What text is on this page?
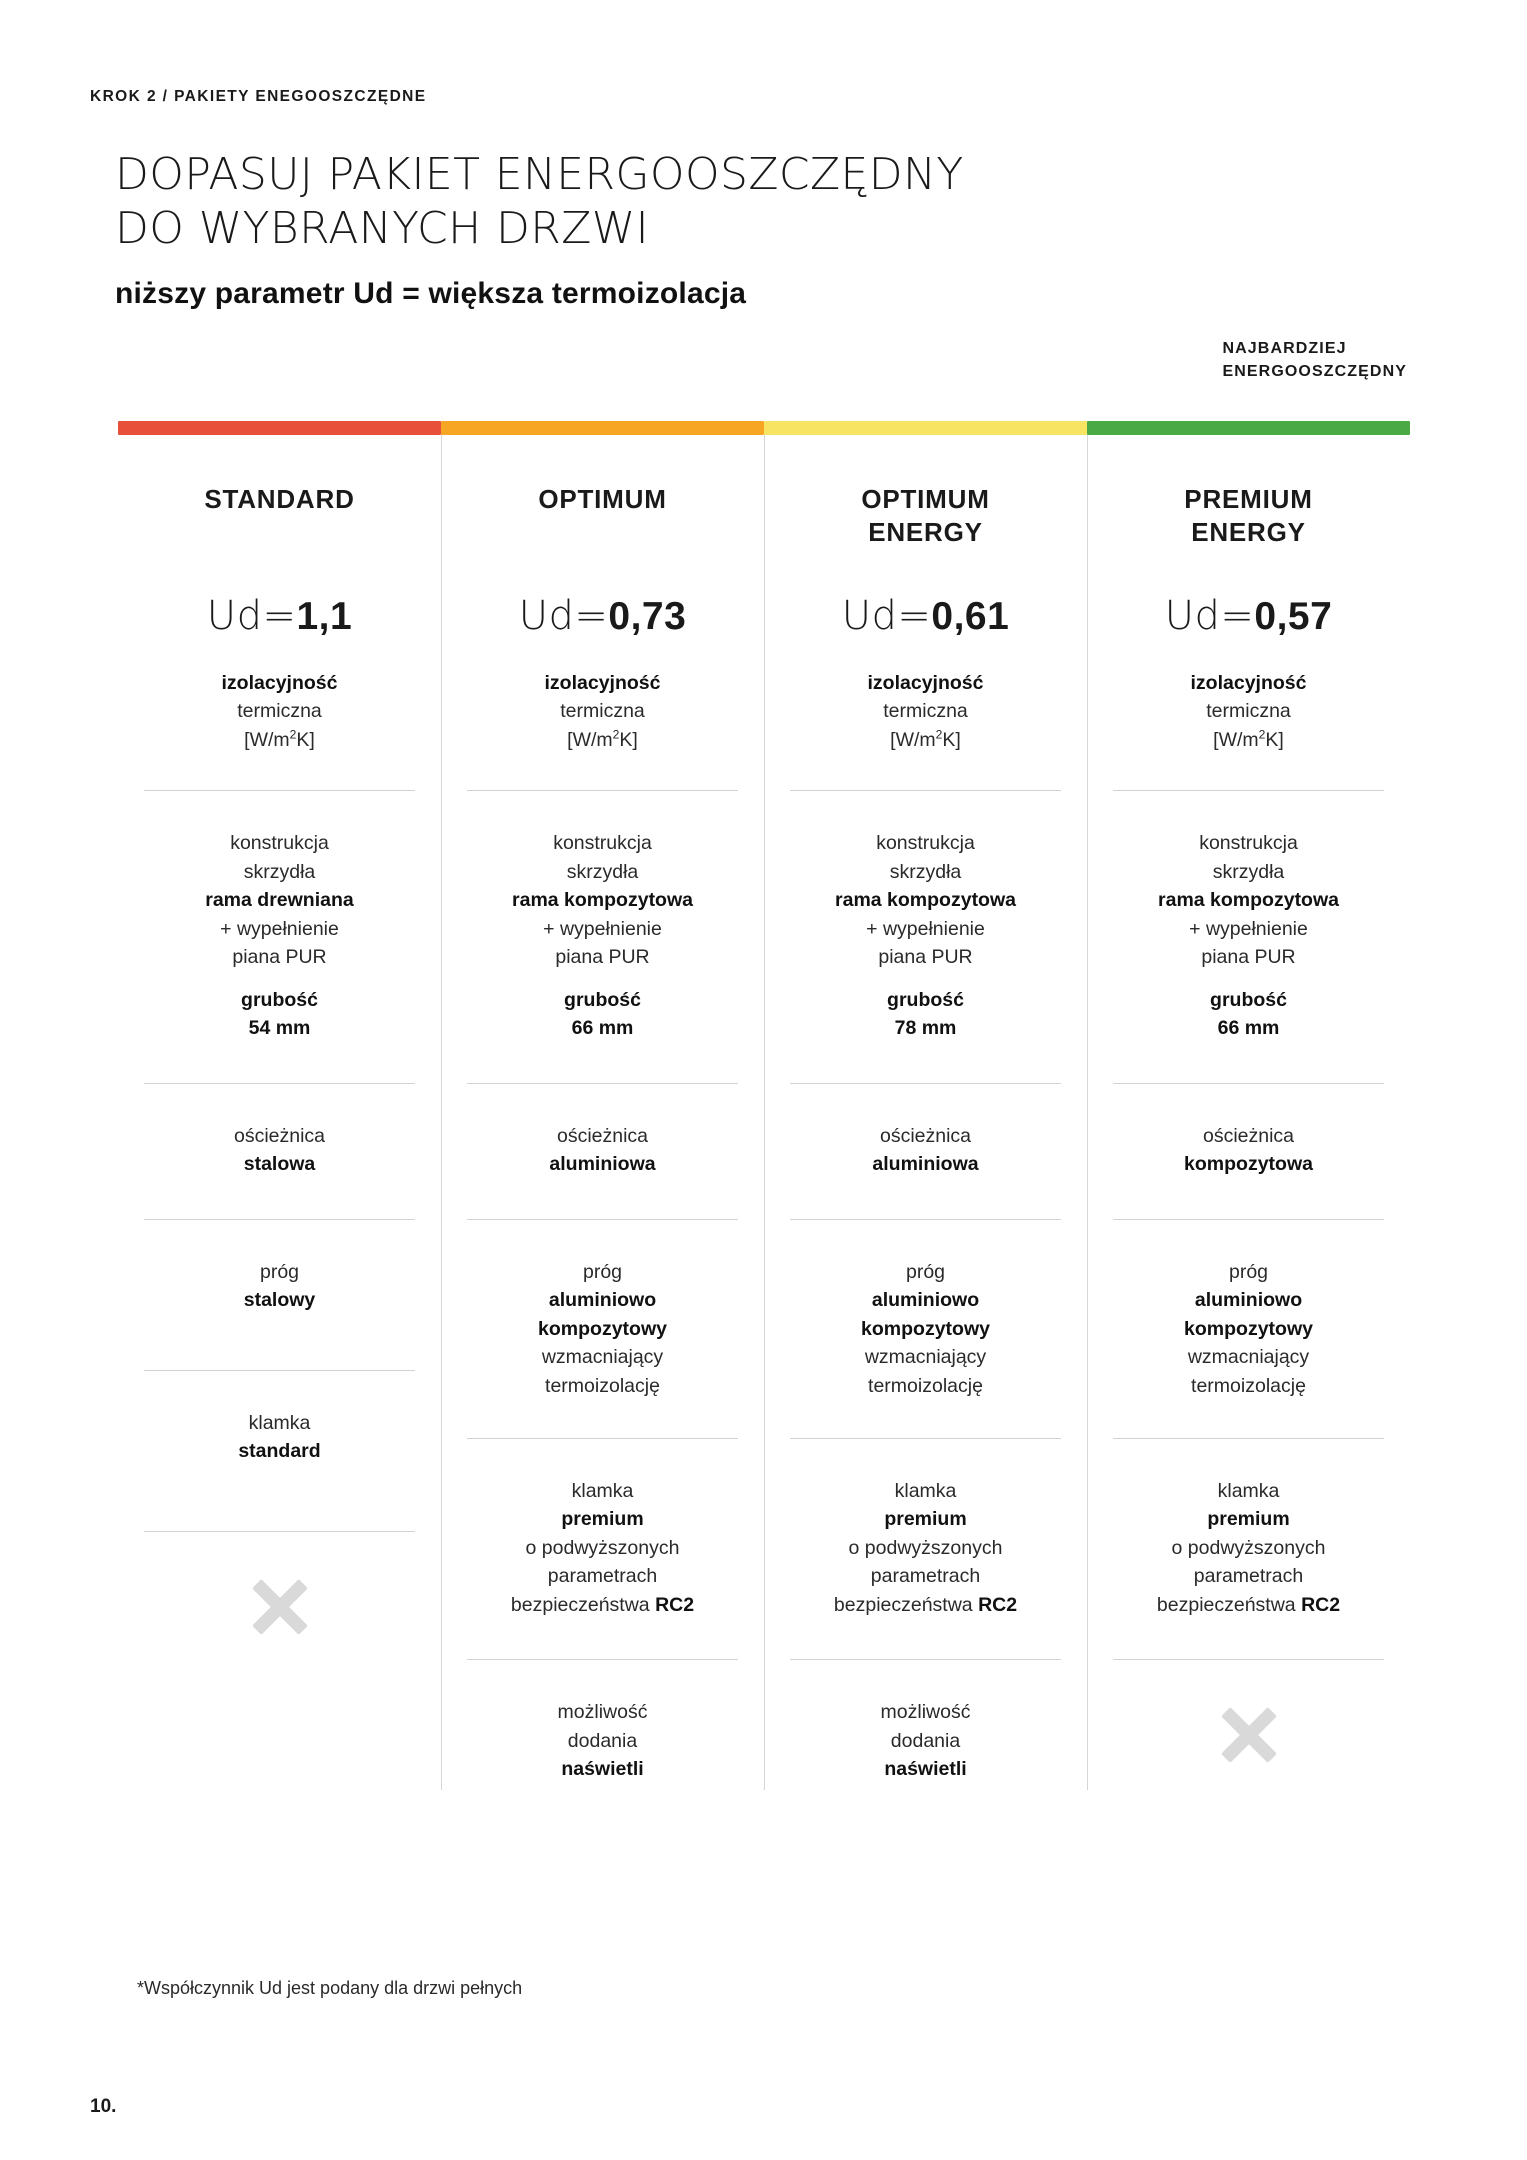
KROK 2 / PAKIETY ENEGOOSZCZĘDNE
DOPASUJ PAKIET ENERGOOSZCZĘDNY
DO WYBRANYCH DRZWI
niższy parametr Ud = większa termoizolacja
NAJBARDZIEJ
ENERGOOSZCZĘDNY
STANDARD
Ud=1,1
izolacyjność
termiczna
$[W/m^2K]$
konstrukcja
skrzydła
rama drewniana
+ wypełnienie
piana PUR
grubość
54 mm
ościeżnica
stalowa
próg
stalowy
klamka
standard
OPTIMUM
Ud=0,73
izolacyjność
termiczna
$[W/m^2K]$
konstrukcja
skrzydła
rama kompozytowa
+ wypełnienie
piana PUR
grubość
66 mm
ościeżnica
aluminiowa
próg
aluminiowo
kompozytowy
wzmacniający
termoizolację
klamka
premium
o podwyższonych
parametrach
bezpieczeństwa RC2
możliwość
dodania
naświetli
OPTIMUM
ENERGY
Ud=0,61
izolacyjność
termiczna
$[W/m^2K]$
konstrukcja
skrzydła
rama kompozytowa
+ wypełnienie
piana PUR
grubość
78 mm
ościeżnica
aluminiowa
próg
aluminiowo
kompozytowy
wzmacniający
termoizolację
klamka
premium
o podwyższonych
parametrach
bezpieczeństwa RC2
możliwość
dodania
naświetli
PREMIUM
ENERGY
Ud=0,57
izolacyjność
termiczna
$[W/m^2K]$
konstrukcja
skrzydła
rama kompozytowa
+ wypełnienie
piana PUR
grubość
66 mm
ościeżnica
kompozytowa
próg
aluminiowo
kompozytowy
wzmacniający
termoizolację
klamka
premium
o podwyższonych
parametrach
bezpieczeństwa RC2
*Współczynnik Ud jest podany dla drzwi pełnych
10.
